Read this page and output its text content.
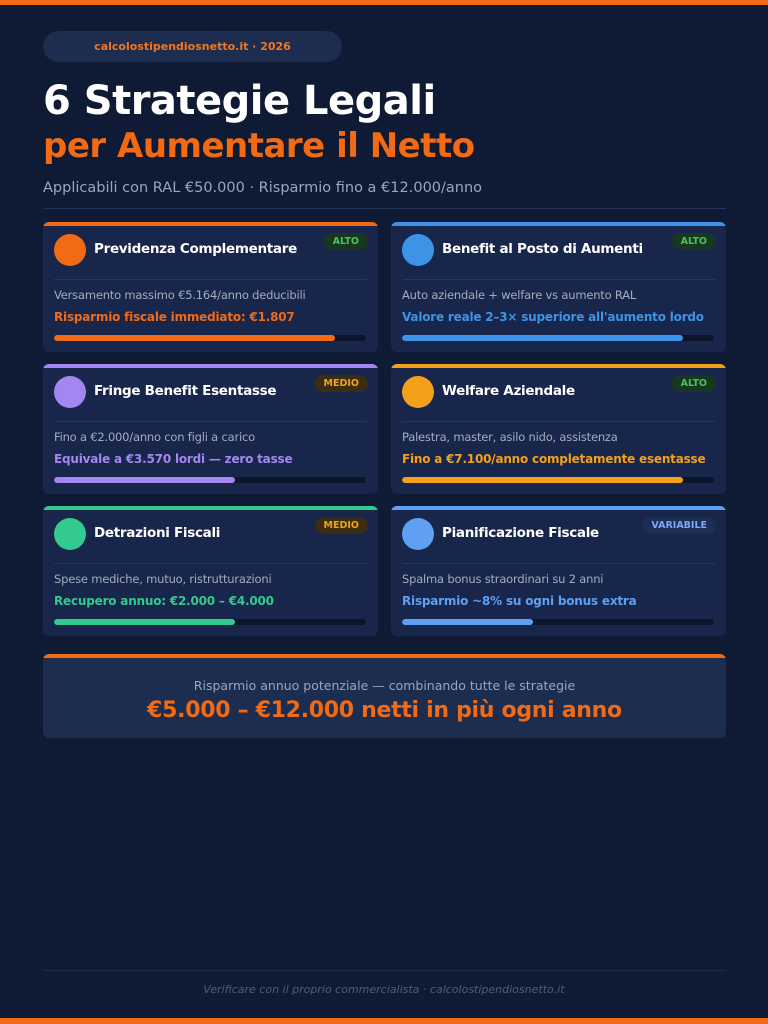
calcolostipendiosnetto.it · 2026
6 Strategie Legali
per Aumentare il Netto
Applicabili con RAL €50.000 · Risparmio fino a €12.000/anno
Previdenza Complementare	ALTO
Versamento massimo €5.164/anno deducibili
Risparmio fiscale immediato: €1.807
Benefit al Posto di Aumenti	ALTO
Auto aziendale + welfare vs aumento RAL
Valore reale 2–3× superiore all'aumento lordo
Fringe Benefit Esentasse	MEDIO
Fino a €2.000/anno con figli a carico
Equivale a €3.570 lordi — zero tasse
Welfare Aziendale	ALTO
Palestra, master, asilo nido, assistenza
Fino a €7.100/anno completamente esentasse
Detrazioni Fiscali	MEDIO
Spese mediche, mutuo, ristrutturazioni
Recupero annuo: €2.000 – €4.000
Pianificazione Fiscale	VARIABILE
Spalma bonus straordinari su 2 anni
Risparmio ~8% su ogni bonus extra
Risparmio annuo potenziale — combinando tutte le strategie
€5.000 – €12.000 netti in più ogni anno
Verificare con il proprio commercialista · calcolostipendiosnetto.it
